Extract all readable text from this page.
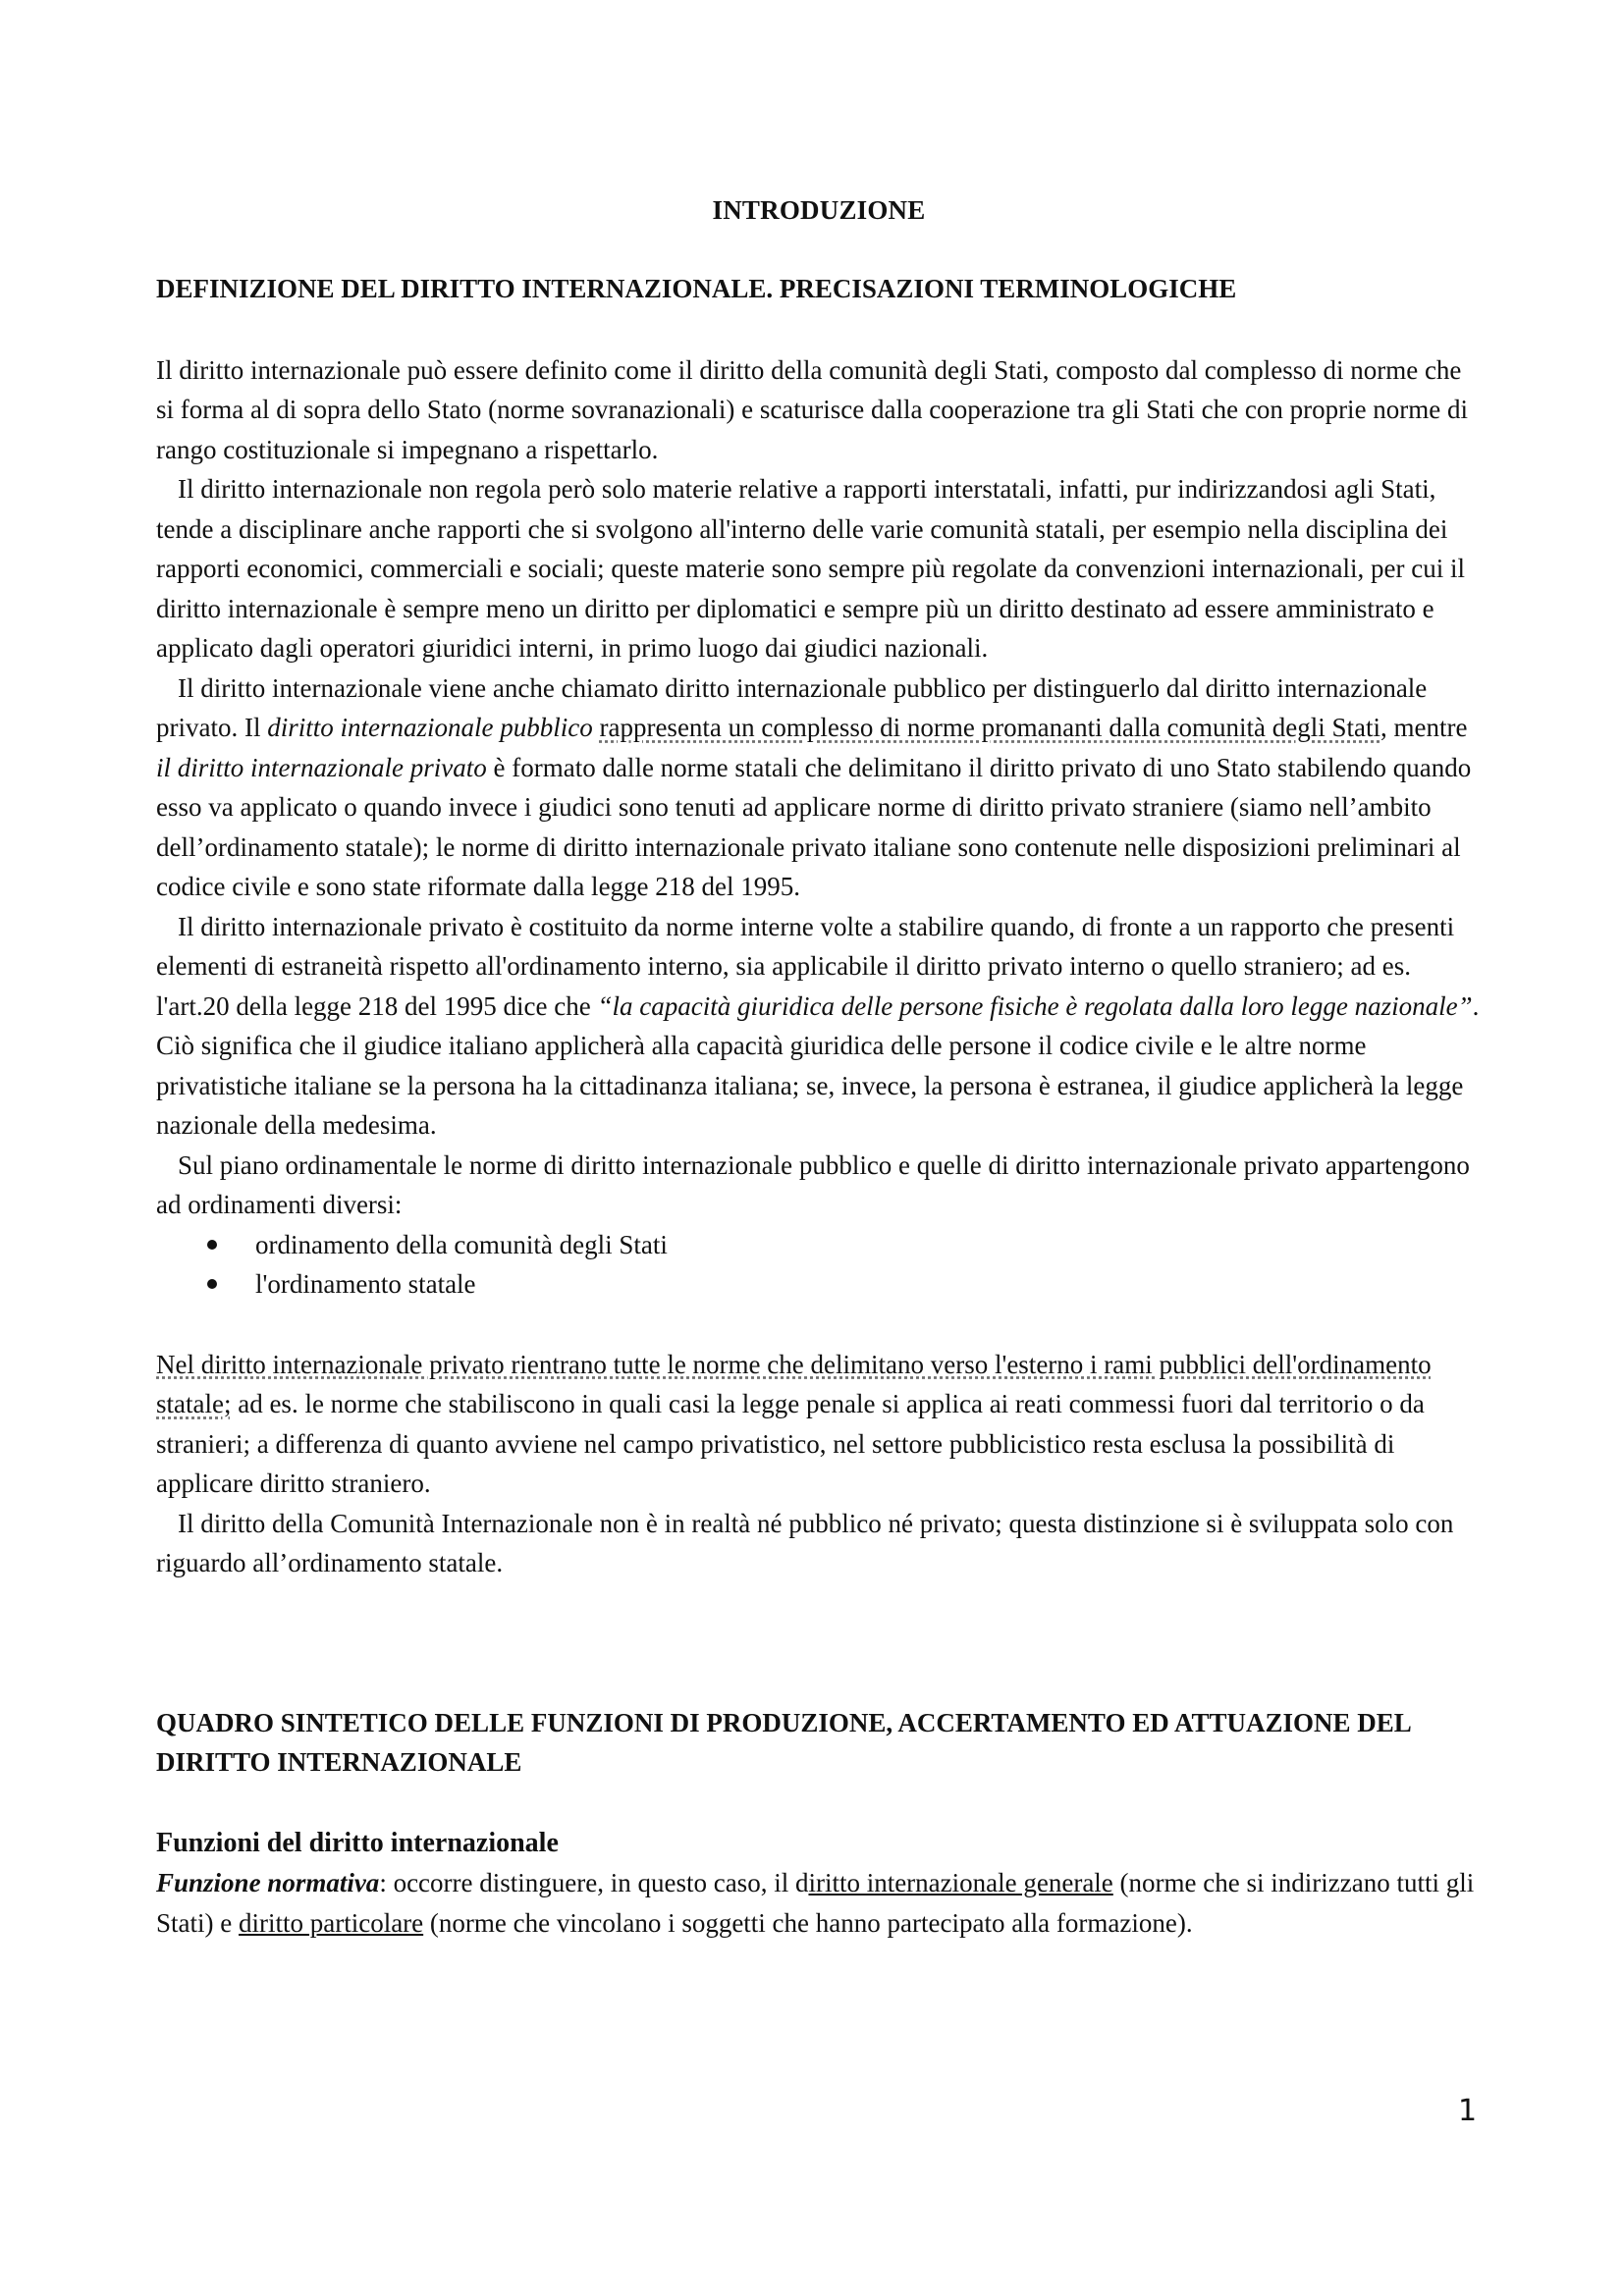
INTRODUZIONE
DEFINIZIONE DEL DIRITTO INTERNAZIONALE. PRECISAZIONI TERMINOLOGICHE

Il diritto internazionale può essere definito come il diritto della comunità degli Stati, composto dal complesso di norme che si forma al di sopra dello Stato (norme sovranazionali) e scaturisce dalla cooperazione tra gli Stati che con proprie norme di rango costituzionale si impegnano a rispettarlo.

Il diritto internazionale non regola però solo materie relative a rapporti interstatali, infatti, pur indirizzandosi agli Stati, tende a disciplinare anche rapporti che si svolgono all'interno delle varie comunità statali, per esempio nella disciplina dei rapporti economici, commerciali e sociali; queste materie sono sempre più regolate da convenzioni internazionali, per cui il diritto internazionale è sempre meno un diritto per diplomatici e sempre più un diritto destinato ad essere amministrato e applicato dagli operatori giuridici interni, in primo luogo dai giudici nazionali.

Il diritto internazionale viene anche chiamato diritto internazionale pubblico per distinguerlo dal diritto internazionale privato. Il diritto internazionale pubblico rappresenta un complesso di norme promananti dalla comunità degli Stati, mentre il diritto internazionale privato è formato dalle norme statali che delimitano il diritto privato di uno Stato stabilendo quando esso va applicato o quando invece i giudici sono tenuti ad applicare norme di diritto privato straniere (siamo nell’ambito dell’ordinamento statale); le norme di diritto internazionale privato italiane sono contenute nelle disposizioni preliminari al codice civile e sono state riformate dalla legge 218 del 1995.

Il diritto internazionale privato è costituito da norme interne volte a stabilire quando, di fronte a un rapporto che presenti elementi di estraneità rispetto all'ordinamento interno, sia applicabile il diritto privato interno o quello straniero; ad es. l'art.20 della legge 218 del 1995 dice che “la capacità giuridica delle persone fisiche è regolata dalla loro legge nazionale”. Ciò significa che il giudice italiano applicherà alla capacità giuridica delle persone il codice civile e le altre norme privatistiche italiane se la persona ha la cittadinanza italiana; se, invece, la persona è estranea, il giudice applicherà la legge nazionale della medesima.

Sul piano ordinamentale le norme di diritto internazionale pubblico e quelle di diritto internazionale privato appartengono ad ordinamenti diversi:

ordinamento della comunità degli Stati
l'ordinamento statale

Nel diritto internazionale privato rientrano tutte le norme che delimitano verso l'esterno i rami pubblici dell'ordinamento statale; ad es. le norme che stabiliscono in quali casi la legge penale si applica ai reati commessi fuori dal territorio o da stranieri; a differenza di quanto avviene nel campo privatistico, nel settore pubblicistico resta esclusa la possibilità di applicare diritto straniero.

Il diritto della Comunità Internazionale non è in realtà né pubblico né privato; questa distinzione si è sviluppata solo con riguardo all’ordinamento statale.

QUADRO SINTETICO DELLE FUNZIONI DI PRODUZIONE, ACCERTAMENTO ED ATTUAZIONE DEL DIRITTO INTERNAZIONALE
Funzioni del diritto internazionale

Funzione normativa: occorre distinguere, in questo caso, il diritto internazionale generale (norme che si indirizzano tutti gli Stati) e diritto particolare (norme che vincolano i soggetti che hanno partecipato alla formazione).

1
